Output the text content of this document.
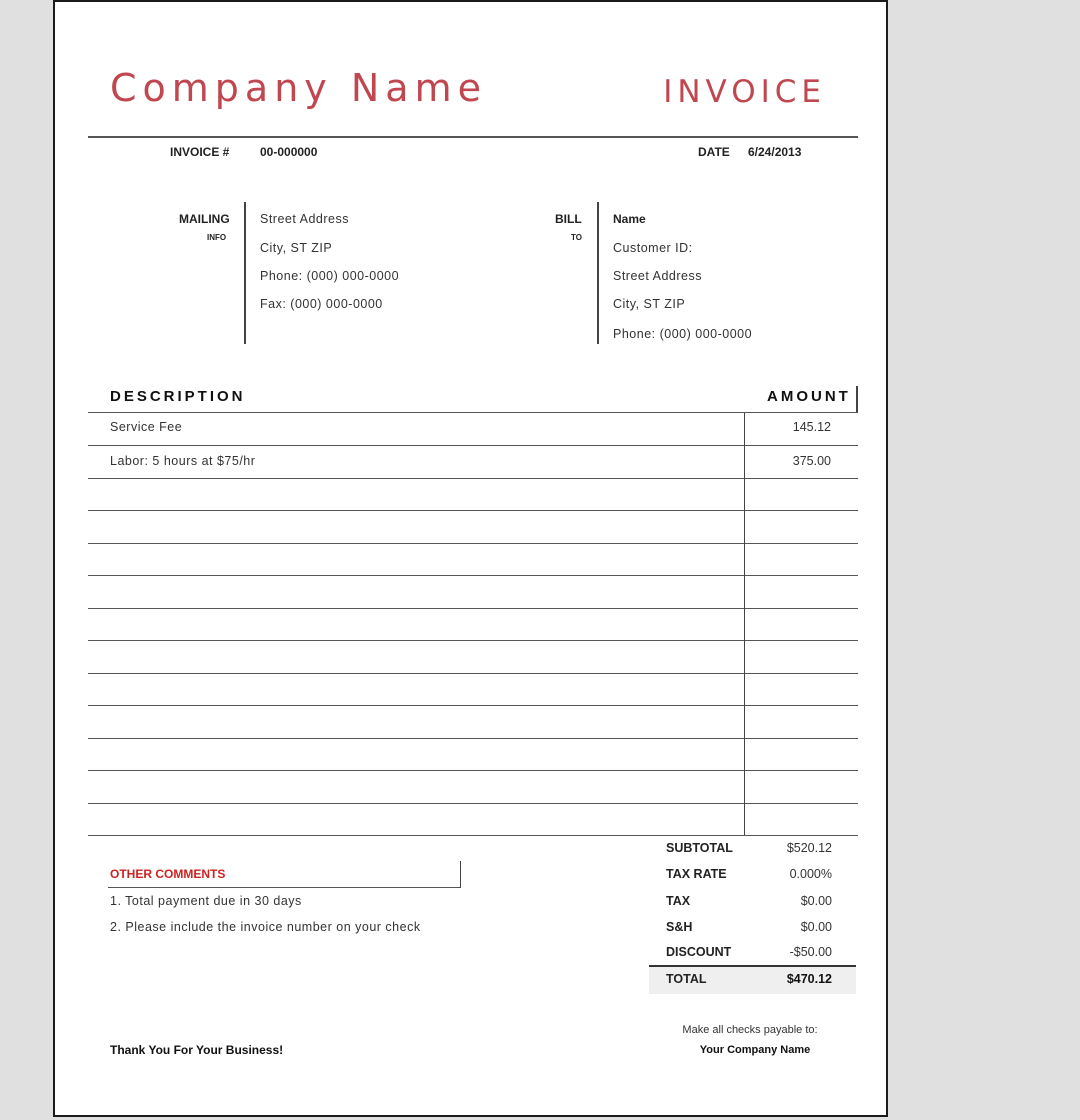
Company Name	INVOICE
INVOICE #	00-000000	DATE 6/24/2013
MAILING
INFO
Street Address
City, ST ZIP
Phone: (000) 000-0000
Fax: (000) 000-0000
BILL
TO
Name
Customer ID:
Street Address
City, ST ZIP
Phone: (000) 000-0000
DESCRIPTION	AMOUNT
Service Fee	145.12
Labor: 5 hours at $75/hr	375.00
OTHER COMMENTS
1. Total payment due in 30 days
2. Please include the invoice number on your check
SUBTOTAL	$520.12
TAX RATE	0.000%
TAX	$0.00
S&H	$0.00
DISCOUNT	-$50.00
TOTAL	$470.12
Thank You For Your Business!
Make all checks payable to:
Your Company Name
